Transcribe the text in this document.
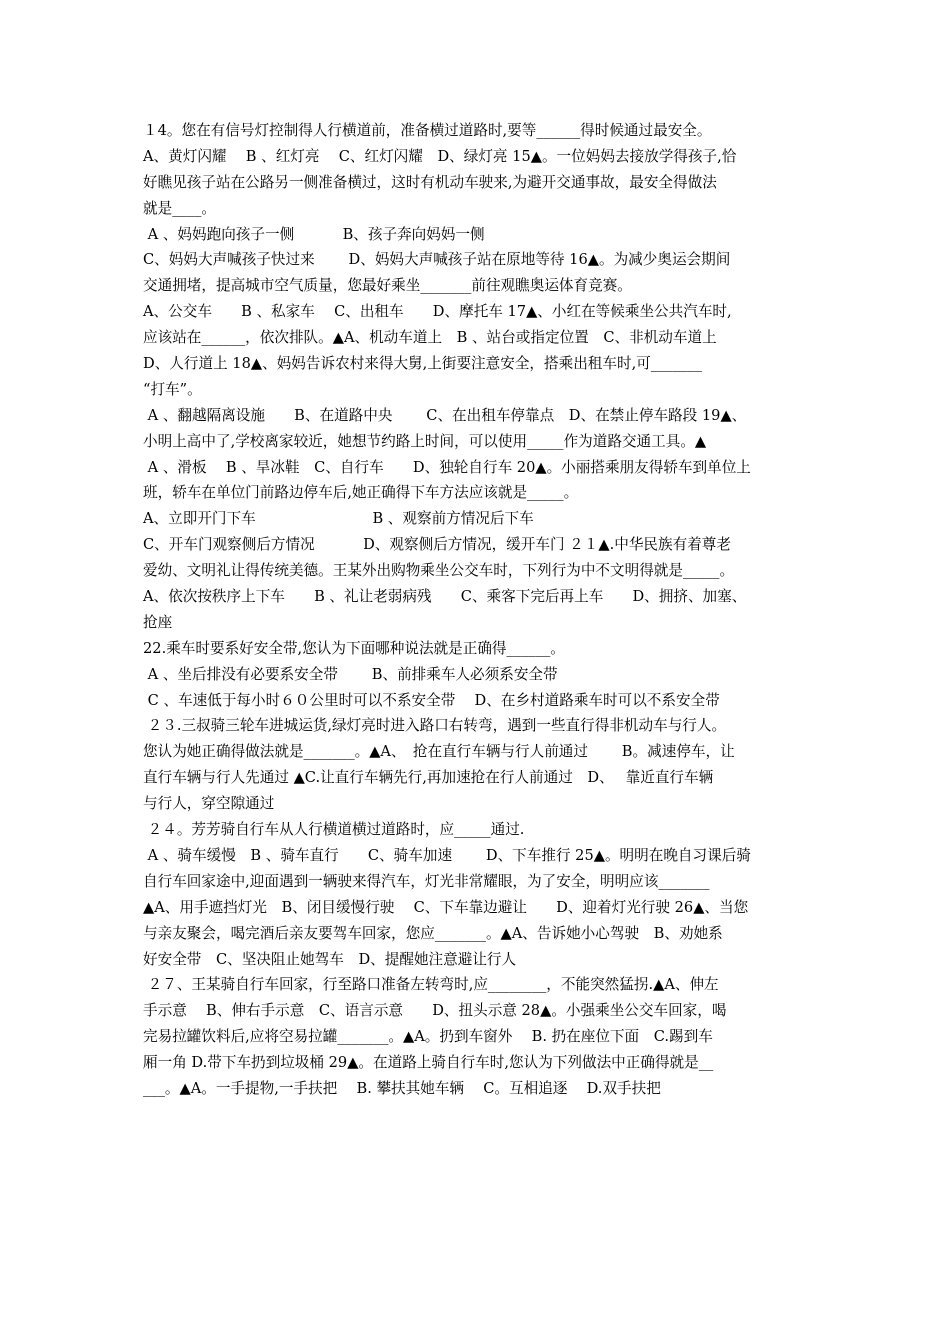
１4。您在有信号灯控制得人行横道前，准备横过道路时,要等______得时候通过最安全。
A、黄灯闪耀　 B 、红灯亮　 C、红灯闪耀　D、绿灯亮 15▲。一位妈妈去接放学得孩子,恰
好瞧见孩子站在公路另一侧准备横过，这时有机动车驶来,为避开交通事故，最安全得做法
就是____。
A 、妈妈跑向孩子一侧　　　 B、孩子奔向妈妈一侧
C、妈妈大声喊孩子快过来　　 D、妈妈大声喊孩子站在原地等待 16▲。为减少奥运会期间
交通拥堵，提高城市空气质量，您最好乘坐_______前往观瞧奥运体育竞赛。
A、公交车　　B 、私家车　 C、出租车　　D、摩托车 17▲、小红在等候乘坐公共汽车时,
应该站在______，依次排队。▲A、机动车道上　B 、站台或指定位置　C、非机动车道上
D、人行道上 18▲、妈妈告诉农村来得大舅,上街要注意安全，搭乘出租车时,可_______
“打车”。
A 、翻越隔离设施　　B、在道路中央　　 C、在出租车停靠点　D、在禁止停车路段 19▲、
小明上高中了,学校离家较近，她想节约路上时间，可以使用_____作为道路交通工具。▲
A 、滑板　 B 、旱冰鞋　C、自行车　　D、独轮自行车 20▲。小丽搭乘朋友得轿车到单位上
班，轿车在单位门前路边停车后,她正确得下车方法应该就是_____。
A、立即开门下车　　　　　　　　B 、观察前方情况后下车
C、开车门观察侧后方情况　　　 D、观察侧后方情况，缓开车门 ２１▲.中华民族有着尊老
爱幼、文明礼让得传统美德。王某外出购物乘坐公交车时，下列行为中不文明得就是_____。
A、依次按秩序上下车　　B 、礼让老弱病残　　C、乘客下完后再上车　　D、拥挤、加塞、
抢座
22.乘车时要系好安全带,您认为下面哪种说法就是正确得______。
A 、坐后排没有必要系安全带　　 B、前排乘车人必须系安全带
C 、车速低于每小时６０公里时可以不系安全带　 D、在乡村道路乘车时可以不系安全带
２３.三叔骑三轮车进城运货,绿灯亮时进入路口右转弯，遇到一些直行得非机动车与行人。
您认为她正确得做法就是_______。▲A、　抢在直行车辆与行人前通过　　 B。减速停车，让
直行车辆与行人先通过 ▲C.让直行车辆先行,再加速抢在行人前通过　D、　 靠近直行车辆
与行人，穿空隙通过
２４。芳芳骑自行车从人行横道横过道路时，应_____通过.
A 、骑车缓慢　B 、骑车直行　　C、骑车加速　　 D、下车推行 25▲。明明在晚自习课后骑
自行车回家途中,迎面遇到一辆驶来得汽车，灯光非常耀眼，为了安全，明明应该_______
▲A、用手遮挡灯光　B、闭目缓慢行驶　 C、下车靠边避让　　D、迎着灯光行驶 26▲、当您
与亲友聚会，喝完酒后亲友要驾车回家，您应_______。▲A、告诉她小心驾驶　B、劝她系
好安全带　C、坚决阻止她驾车　D、提醒她注意避让行人
２７、王某骑自行车回家，行至路口准备左转弯时,应________，不能突然猛拐.▲A、伸左
手示意　 B、伸右手示意　C、语言示意　　D、扭头示意 28▲。小强乘坐公交车回家，喝
完易拉罐饮料后,应将空易拉罐_______。▲A。扔到车窗外　 B. 扔在座位下面　C.踢到车
厢一角 D.带下车扔到垃圾桶 29▲。在道路上骑自行车时,您认为下列做法中正确得就是__
___。▲A。一手提物,一手扶把　 B. 攀扶其她车辆　 C。互相追逐　 D.双手扶把
